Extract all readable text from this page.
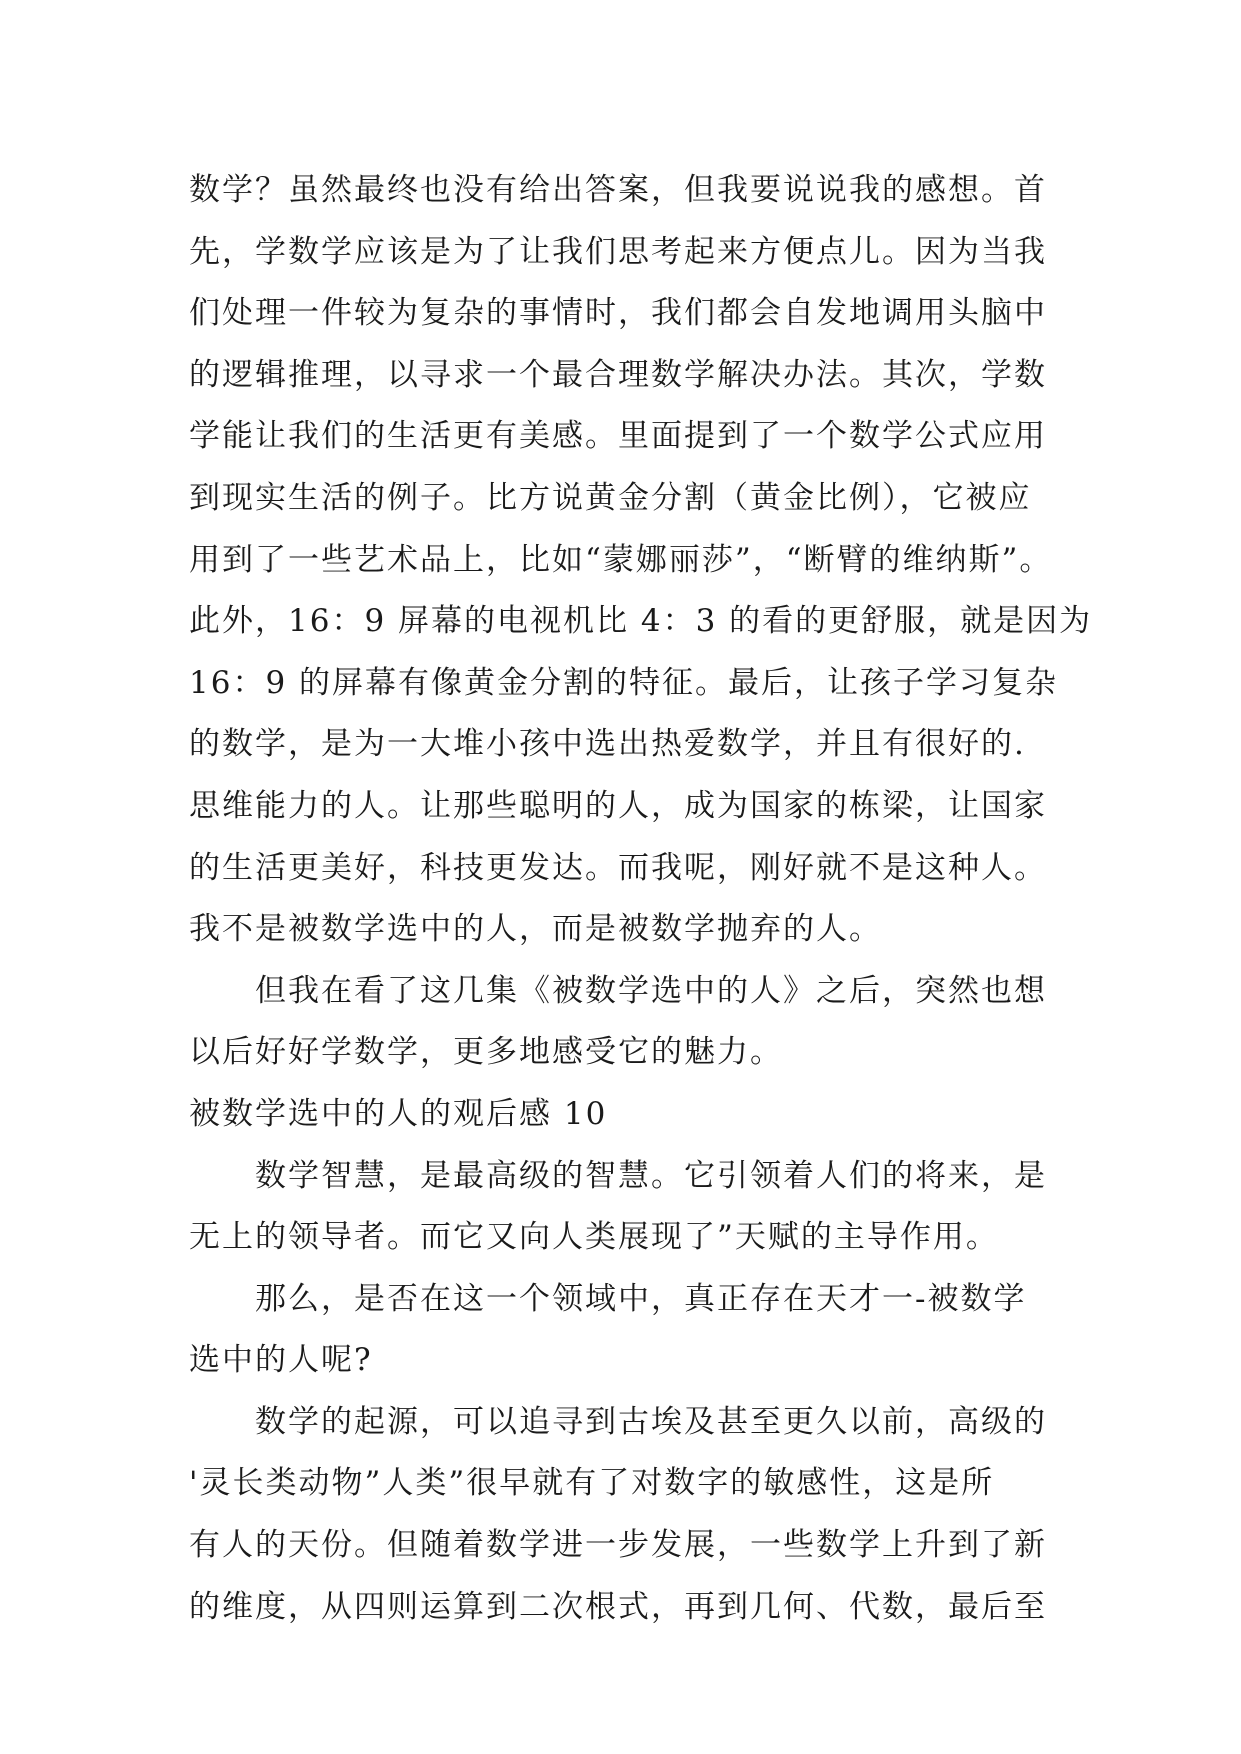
数学？虽然最终也没有给出答案，但我要说说我的感想。首
先，学数学应该是为了让我们思考起来方便点儿。因为当我
们处理一件较为复杂的事情时，我们都会自发地调用头脑中
的逻辑推理，以寻求一个最合理数学解决办法。其次，学数
学能让我们的生活更有美感。里面提到了一个数学公式应用
到现实生活的例子。比方说黄金分割（黄金比例），它被应
用到了一些艺术品上，比如“蒙娜丽莎”，“断臂的维纳斯”。
此外，16：9 屏幕的电视机比 4：3 的看的更舒服，就是因为
16：9 的屏幕有像黄金分割的特征。最后，让孩子学习复杂
的数学，是为一大堆小孩中选出热爱数学，并且有很好的.
思维能力的人。让那些聪明的人，成为国家的栋梁，让国家
的生活更美好，科技更发达。而我呢，刚好就不是这种人。
我不是被数学选中的人，而是被数学抛弃的人。
　　但我在看了这几集《被数学选中的人》之后，突然也想
以后好好学数学，更多地感受它的魅力。
被数学选中的人的观后感 10
　　数学智慧，是最高级的智慧。它引领着人们的将来，是
无上的领导者。而它又向人类展现了”天赋的主导作用。
　　那么，是否在这一个领域中，真正存在天才一-被数学
选中的人呢?
　　数学的起源，可以追寻到古埃及甚至更久以前，高级的
'灵长类动物”人类”很早就有了对数字的敏感性，这是所
有人的天份。但随着数学进一步发展，一些数学上升到了新
的维度，从四则运算到二次根式，再到几何、代数，最后至
